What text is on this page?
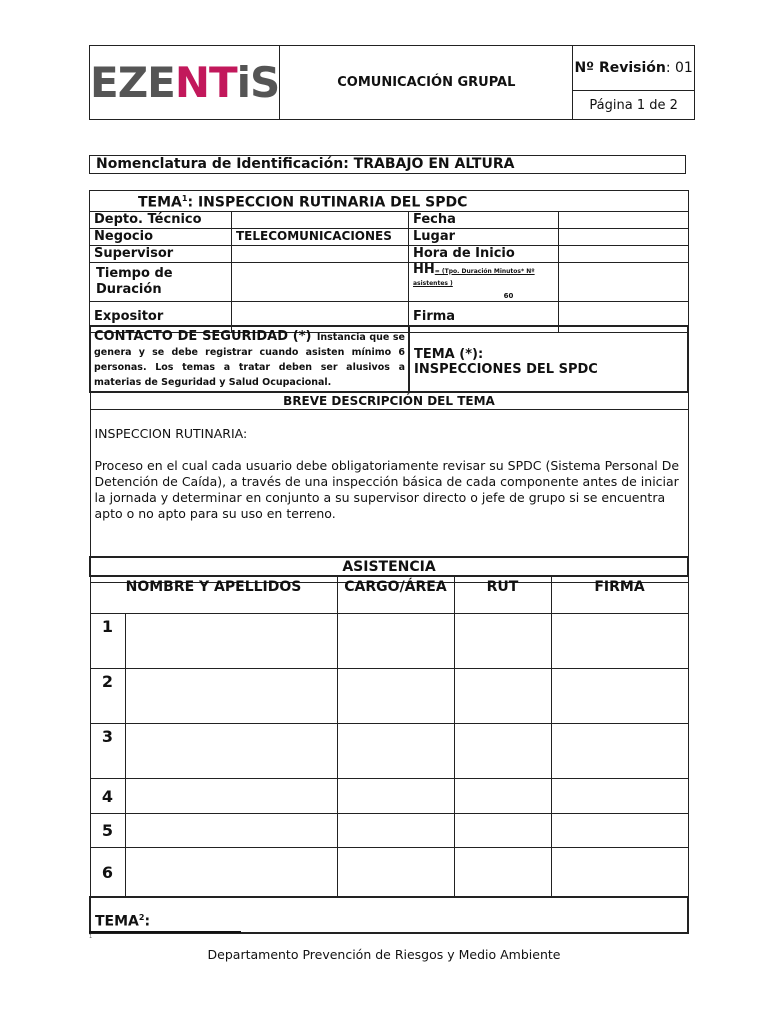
EZENTiS	COMUNICACIÓN GRUPAL	Nº Revisión: 01
Página 1 de 2
Nomenclatura de Identificación: TRABAJO EN ALTURA
TEMA$^1$: INSPECCION RUTINARIA DEL SPDC			
Depto. Técnico		Fecha	
Negocio	TELECOMUNICACIONES	Lugar	
Supervisor		Hora de Inicio	
Tiempo de Duración		HH= (Tpo. Duración Minutos* Nº asistentes )
60	

Expositor		Firma	
CONTACTO DE SEGURIDAD (*) Instancia que se genera y se debe registrar cuando asisten mínimo 6 personas. Los temas a tratar deben ser alusivos a materias de Seguridad y Salud Ocupacional.	
TEMA (*):
INSPECCIONES DEL SPDC

BREVE DESCRIPCIÓN DEL TEMA

INSPECCION RUTINARIA:
Proceso en el cual cada usuario debe obligatoriamente revisar su SPDC (Sistema Personal De Detención de Caída), a través de una inspección básica de cada componente antes de iniciar la jornada y determinar en conjunto a su supervisor directo o jefe de grupo si se encuentra apto o no apto para su uso en terreno.
ASISTENCIA				
NOMBRE Y APELLIDOS		CARGO/ÁREA	RUT	FIRMA
1				
2				
3				
4				
5				
6				
TEMA$^2$:				
1
Departamento Prevención de Riesgos y Medio Ambiente
